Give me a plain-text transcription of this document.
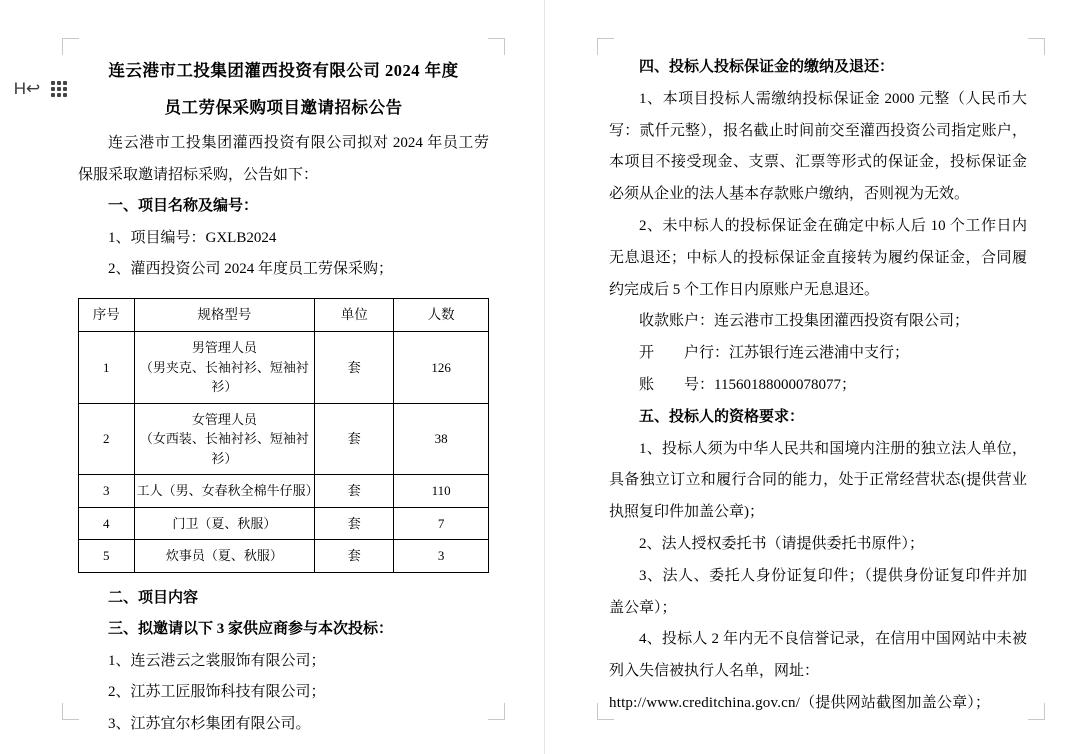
H↩
连云港市工投集团灌西投资有限公司 2024 年度
员工劳保采购项目邀请招标公告

连云港市工投集团灌西投资有限公司拟对 2024 年员工劳保服采取邀请招标采购，公告如下：

一、项目名称及编号：

1、项目编号：GXLB2024

2、灌西投资公司 2024 年度员工劳保采购；

序号	规格型号	单位	人数
1	男管理人员
（男夹克、长袖衬衫、短袖衬衫）	套	126
2	女管理人员
（女西装、长袖衬衫、短袖衬衫）	套	38
3	工人（男、女春秋全棉牛仔服）	套	110
4	门卫（夏、秋服）	套	7
5	炊事员（夏、秋服）	套	3

二、项目内容

三、拟邀请以下 3 家供应商参与本次投标：

1、连云港云之裳服饰有限公司；

2、江苏工匠服饰科技有限公司；

3、江苏宜尔杉集团有限公司。

四、投标人投标保证金的缴纳及退还：

1、本项目投标人需缴纳投标保证金 2000 元整（人民币大写：贰仟元整），报名截止时间前交至灌西投资公司指定账户，本项目不接受现金、支票、汇票等形式的保证金，投标保证金必须从企业的法人基本存款账户缴纳，否则视为无效。

2、未中标人的投标保证金在确定中标人后 10 个工作日内无息退还；中标人的投标保证金直接转为履约保证金，合同履约完成后 5 个工作日内原账户无息退还。

收款账户：连云港市工投集团灌西投资有限公司；

开　　户行：江苏银行连云港浦中支行；

账　　号：11560188000078077；

五、投标人的资格要求：

1、投标人须为中华人民共和国境内注册的独立法人单位，具备独立订立和履行合同的能力，处于正常经营状态(提供营业执照复印件加盖公章)；

2、法人授权委托书（请提供委托书原件）；

3、法人、委托人身份证复印件；（提供身份证复印件并加盖公章）；

4、投标人 2 年内无不良信誉记录，在信用中国网站中未被列入失信被执行人名单，网址：

http://www.creditchina.gov.cn/（提供网站截图加盖公章）；
